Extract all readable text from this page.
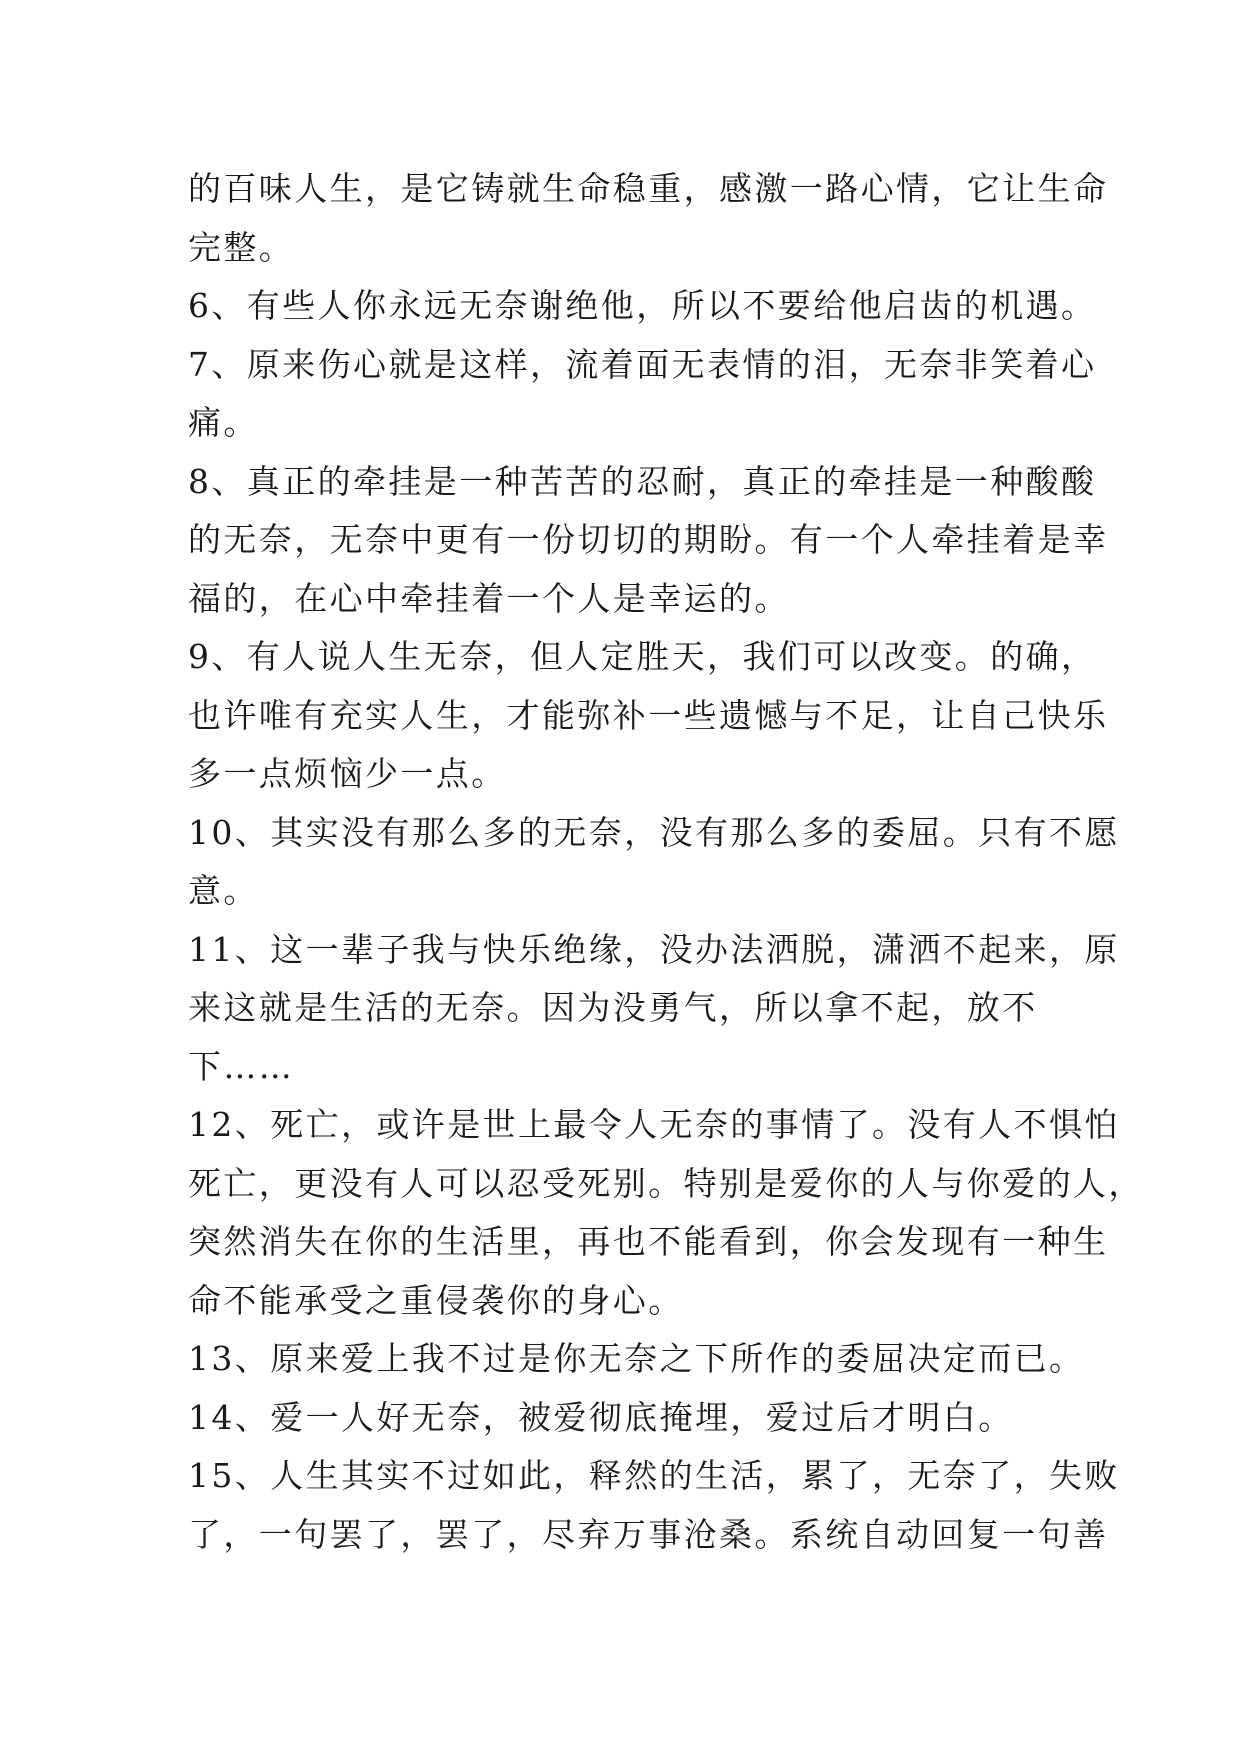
的百味人生，是它铸就生命稳重，感激一路心情，它让生命
完整。
6、有些人你永远无奈谢绝他，所以不要给他启齿的机遇。
7、原来伤心就是这样，流着面无表情的泪，无奈非笑着心
痛。
8、真正的牵挂是一种苦苦的忍耐，真正的牵挂是一种酸酸
的无奈，无奈中更有一份切切的期盼。有一个人牵挂着是幸
福的，在心中牵挂着一个人是幸运的。
9、有人说人生无奈，但人定胜天，我们可以改变。的确，
也许唯有充实人生，才能弥补一些遗憾与不足，让自己快乐
多一点烦恼少一点。
10、其实没有那么多的无奈，没有那么多的委屈。只有不愿
意。
11、这一辈子我与快乐绝缘，没办法洒脱，潇洒不起来，原
来这就是生活的无奈。因为没勇气，所以拿不起，放不
下……
12、死亡，或许是世上最令人无奈的事情了。没有人不惧怕
死亡，更没有人可以忍受死别。特别是爱你的人与你爱的人，
突然消失在你的生活里，再也不能看到，你会发现有一种生
命不能承受之重侵袭你的身心。
13、原来爱上我不过是你无奈之下所作的委屈决定而已。
14、爱一人好无奈，被爱彻底掩埋，爱过后才明白。
15、人生其实不过如此，释然的生活，累了，无奈了，失败
了，一句罢了，罢了，尽弃万事沧桑。系统自动回复一句善
